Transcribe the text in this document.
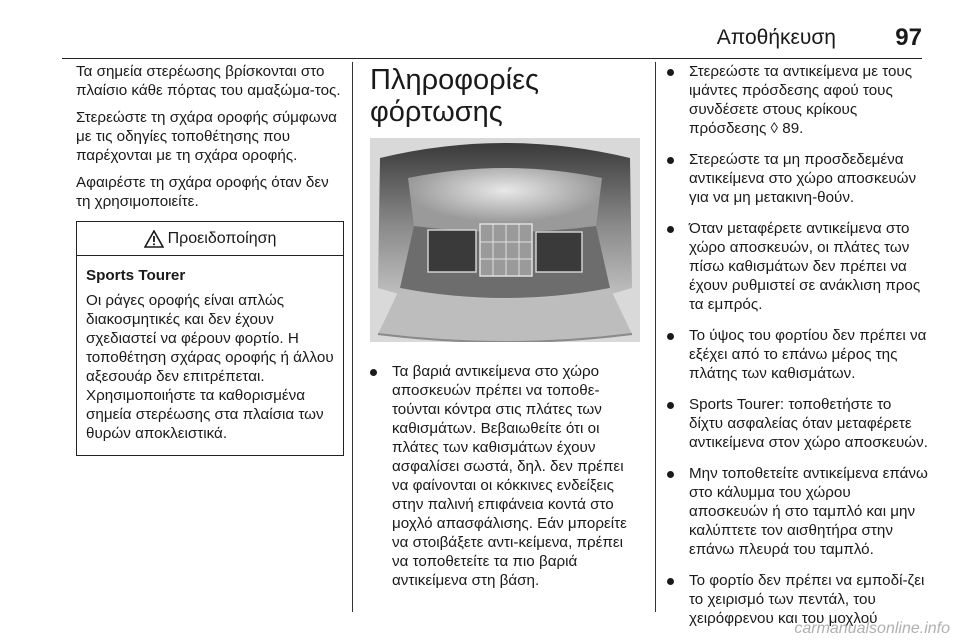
Αποθήκευση 97

Τα σημεία στερέωσης βρίσκονται στο πλαίσιο κάθε πόρτας του αμαξώμα-τος.

Στερεώστε τη σχάρα οροφής σύμφωνα με τις οδηγίες τοποθέτησης που παρέχονται με τη σχάρα οροφής.

Αφαιρέστε τη σχάρα οροφής όταν δεν τη χρησιμοποιείτε.

Προειδοποίηση

Sports Tourer

Οι ράγες οροφής είναι απλώς διακοσμητικές και δεν έχουν σχεδιαστεί να φέρουν φορτίο. Η τοποθέτηση σχάρας οροφής ή άλλου αξεσουάρ δεν επιτρέπεται. Χρησιμοποιήστε τα καθορισμένα σημεία στερέωσης στα πλαίσια των θυρών αποκλειστικά.

Πληροφορίες φόρτωσης
Τα βαριά αντικείμενα στο χώρο αποσκευών πρέπει να τοποθε-τούνται κόντρα στις πλάτες των καθισμάτων. Βεβαιωθείτε ότι οι πλάτες των καθισμάτων έχουν ασφαλίσει σωστά, δηλ. δεν πρέπει να φαίνονται οι κόκκινες ενδείξεις στην παλινή επιφάνεια κοντά στο μοχλό απασφάλισης. Εάν μπορείτε να στοιβάξετε αντι-κείμενα, πρέπει να τοποθετείτε τα πιο βαριά αντικείμενα στη βάση.
Στερεώστε τα αντικείμενα με τους ιμάντες πρόσδεσης αφού τους συνδέσετε στους κρίκους πρόσδεσης ◊ 89.
Στερεώστε τα μη προσδεδεμένα αντικείμενα στο χώρο αποσκευών για να μη μετακινη-θούν.
Όταν μεταφέρετε αντικείμενα στο χώρο αποσκευών, οι πλάτες των πίσω καθισμάτων δεν πρέπει να έχουν ρυθμιστεί σε ανάκλιση προς τα εμπρός.
Το ύψος του φορτίου δεν πρέπει να εξέχει από το επάνω μέρος της πλάτης των καθισμάτων.
Sports Tourer: τοποθετήστε το δίχτυ ασφαλείας όταν μεταφέρετε αντικείμενα στον χώρο αποσκευών.
Μην τοποθετείτε αντικείμενα επάνω στο κάλυμμα του χώρου αποσκευών ή στο ταμπλό και μην καλύπτετε τον αισθητήρα στην επάνω πλευρά του ταμπλό.
Το φορτίο δεν πρέπει να εμποδί-ζει το χειρισμό των πεντάλ, του χειρόφρενου και του μοχλού
carmanualsonline.info
